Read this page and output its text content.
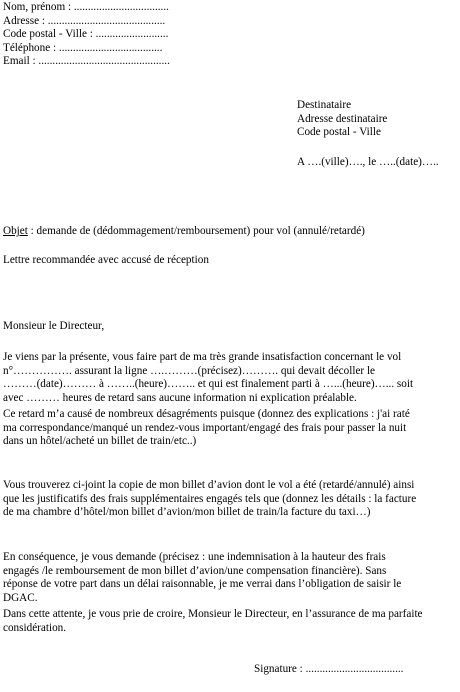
Nom, prénom : ..................................
Adresse : ..........................................
Code postal - Ville : ..........................
Téléphone : .....................................
Email : ...............................................
Destinataire
Adresse destinataire
Code postal - Ville
A ….(ville)…., le …..(date)…..
Objet : demande de (dédommagement/remboursement) pour vol (annulé/retardé)
Lettre recommandée avec accusé de réception
Monsieur le Directeur,
Je viens par la présente, vous faire part de ma très grande insatisfaction concernant le vol
n°……………. assurant la ligne ….………(précisez)………. qui devait décoller le
………(date)……… à ……..(heure)…….. et qui est finalement parti à …...(heure)…... soit
avec ……… heures de retard sans aucune information ni explication préalable.
Ce retard m’a causé de nombreux désagréments puisque (donnez des explications : j'ai raté
ma correspondance/manqué un rendez-vous important/engagé des frais pour passer la nuit
dans un hôtel/acheté un billet de train/etc..)
Vous trouverez ci-joint la copie de mon billet d’avion dont le vol a été (retardé/annulé) ainsi
que les justificatifs des frais supplémentaires engagés tels que (donnez les détails : la facture
de ma chambre d’hôtel/mon billet d’avion/mon billet de train/la facture du taxi…)
En conséquence, je vous demande (précisez : une indemnisation à la hauteur des frais
engagés /le remboursement de mon billet d’avion/une compensation financière). Sans
réponse de votre part dans un délai raisonnable, je me verrai dans l’obligation de saisir le
DGAC.
Dans cette attente, je vous prie de croire, Monsieur le Directeur, en l’assurance de ma parfaite
considération.
Signature : ...................................
